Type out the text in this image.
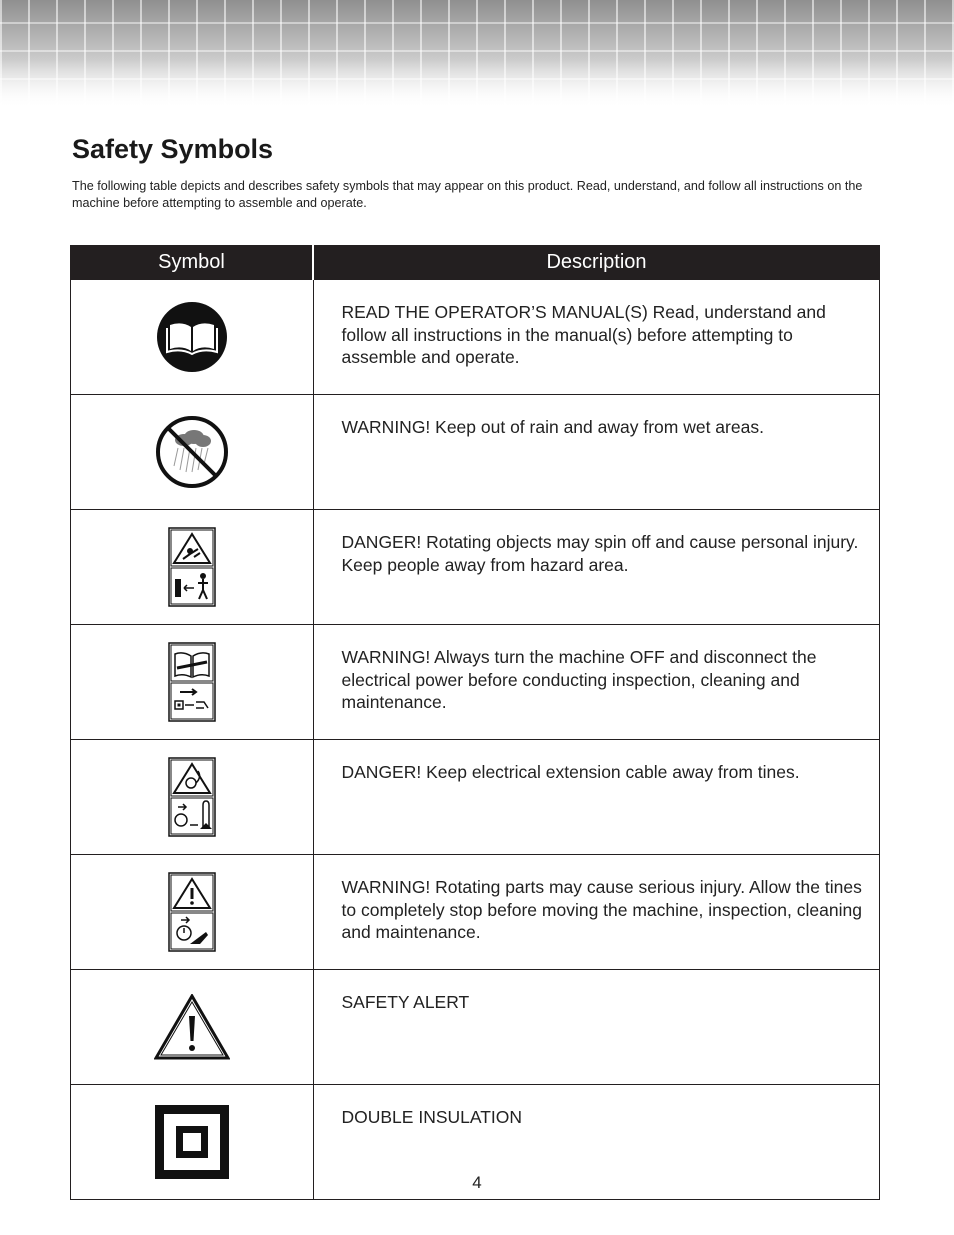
Safety Symbols

The following table depicts and describes safety symbols that may appear on this product. Read, understand, and follow all instructions on the machine before attempting to assemble and operate.

Symbol	Description
	READ THE OPERATOR’S MANUAL(S) Read, understand and follow all instructions in the manual(s) before attempting to assemble and operate.
	WARNING! Keep out of rain and away from wet areas.
	DANGER! Rotating objects may spin off and cause personal injury. Keep people away from hazard area.
	WARNING! Always turn the machine OFF and disconnect the electrical power before conducting inspection, cleaning and maintenance.
	DANGER! Keep electrical extension cable away from tines.
	WARNING! Rotating parts may cause serious injury. Allow the tines to completely stop before moving the machine, inspection, cleaning and maintenance.
	SAFETY ALERT
	DOUBLE INSULATION
4
